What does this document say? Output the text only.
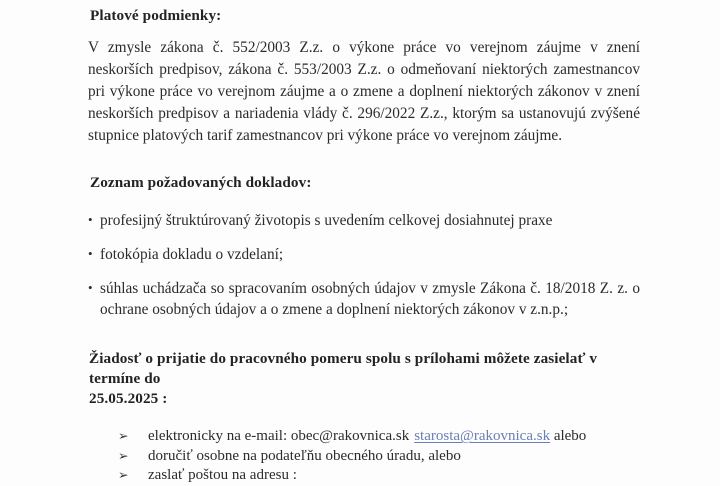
Platové podmienky:
V zmysle zákona č. 552/2003 Z.z. o výkone práce vo verejnom záujme v znení neskorších predpisov, zákona č. 553/2003 Z.z. o odmeňovaní niektorých zamestnancov pri výkone práce vo verejnom záujme a o zmene a doplnení niektorých zákonov v znení neskorších predpisov a nariadenia vlády č. 296/2022 Z.z., ktorým sa ustanovujú zvýšené stupnice platových tarif zamestnancov pri výkone práce vo verejnom záujme.
Zoznam požadovaných dokladov:
• profesijný štruktúrovaný životopis s uvedením celkovej dosiahnutej praxe
• fotokópia dokladu o vzdelaní;
• súhlas uchádzača so spracovaním osobných údajov v zmysle Zákona č. 18/2018 Z. z. o ochrane osobných údajov a o zmene a doplnení niektorých zákonov v z.n.p.;
Žiadosť o prijatie do pracovného pomeru spolu s prílohami môžete zasielať v termíne do
25.05.2025 :
➢ elektronicky na e-mail: obec@rakovnica.sk starosta@rakovnica.sk alebo
➢ doručiť osobne na podateľňu obecného úradu, alebo
➢ zaslať poštou na adresu :
